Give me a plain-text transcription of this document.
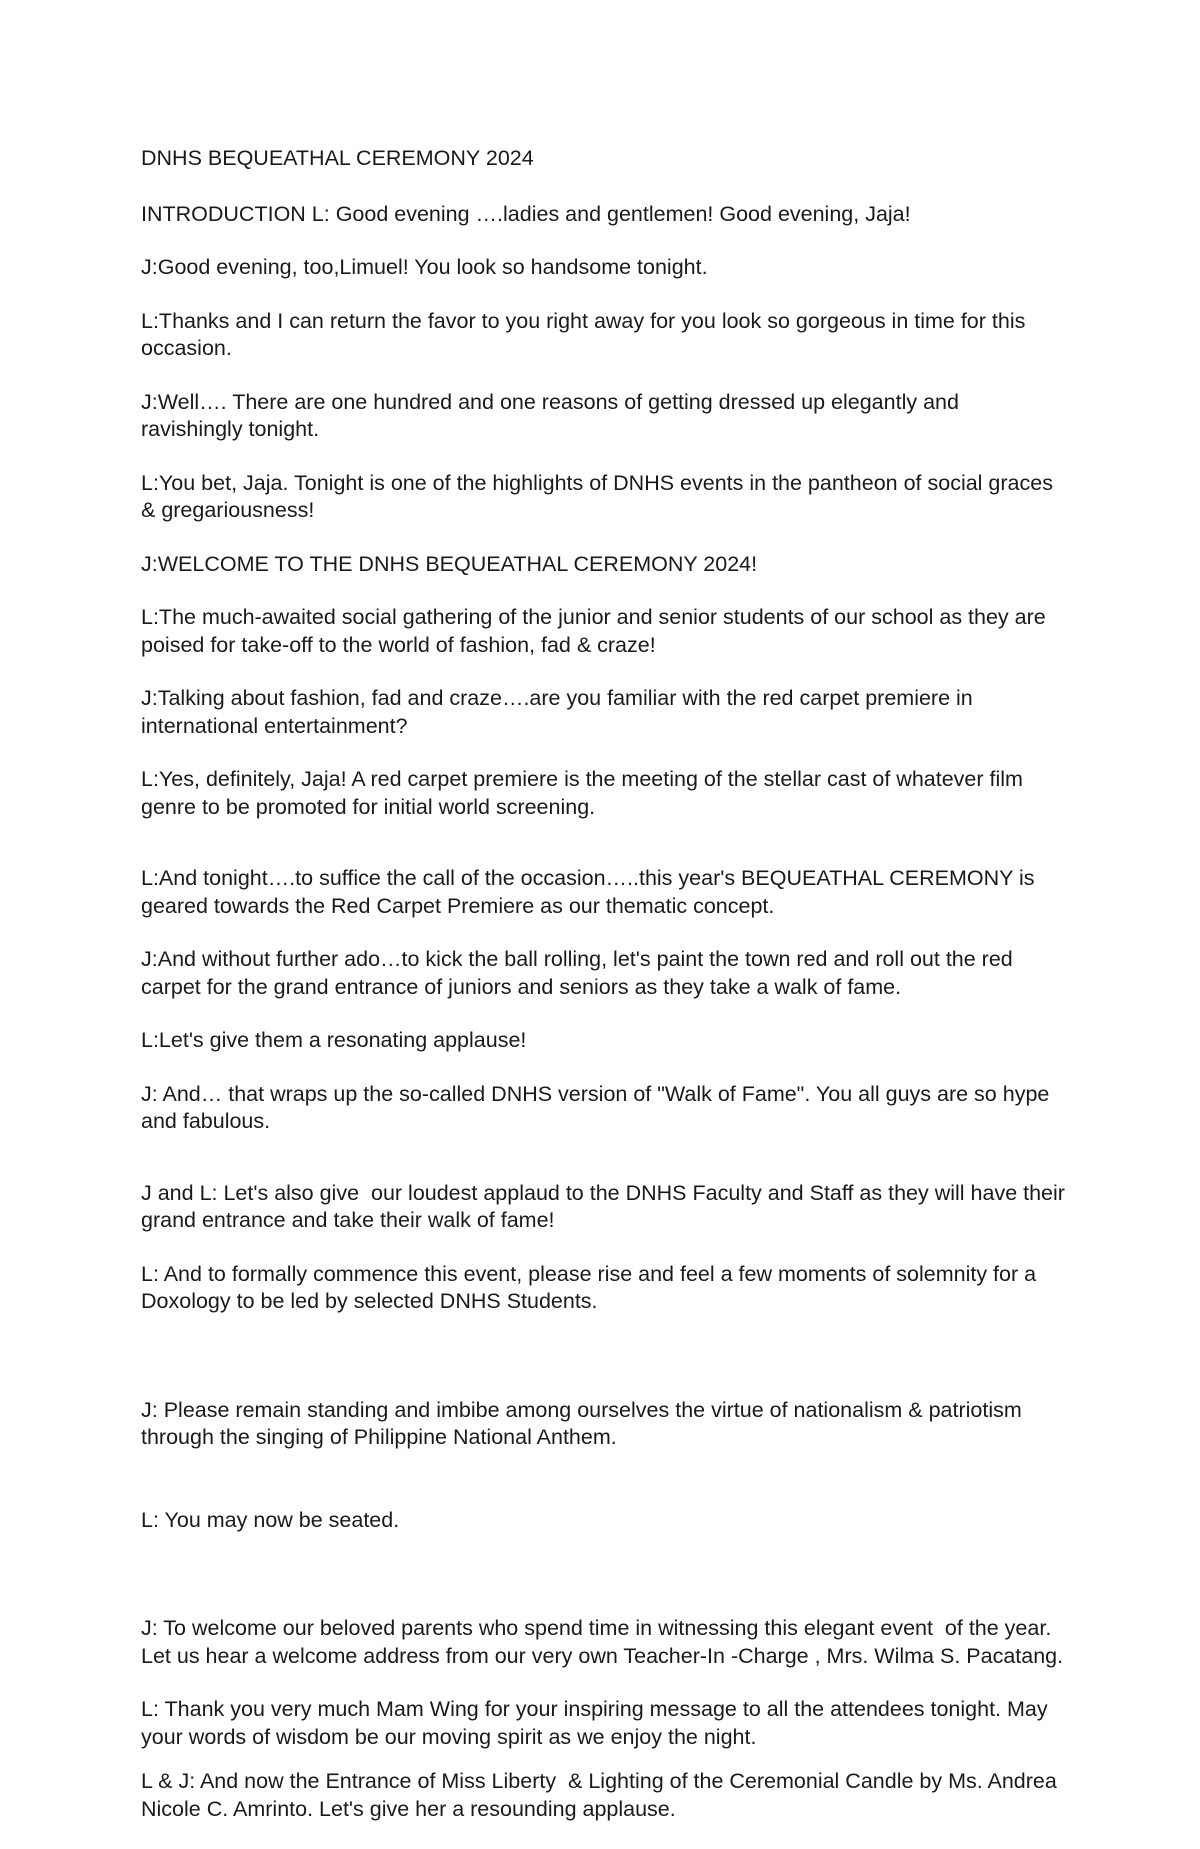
DNHS BEQUEATHAL CEREMONY 2024

INTRODUCTION L: Good evening ….ladies and gentlemen! Good evening, Jaja!

J:Good evening, too,Limuel! You look so handsome tonight.

L:Thanks and I can return the favor to you right away for you look so gorgeous in time for this occasion.

J:Well…. There are one hundred and one reasons of getting dressed up elegantly and ravishingly tonight.

L:You bet, Jaja. Tonight is one of the highlights of DNHS events in the pantheon of social graces & gregariousness!

J:WELCOME TO THE DNHS BEQUEATHAL CEREMONY 2024!

L:The much-awaited social gathering of the junior and senior students of our school as they are poised for take-off to the world of fashion, fad & craze!

J:Talking about fashion, fad and craze….are you familiar with the red carpet premiere in international entertainment?

L:Yes, definitely, Jaja! A red carpet premiere is the meeting of the stellar cast of whatever film genre to be promoted for initial world screening.

L:And tonight….to suffice the call of the occasion…..this year's BEQUEATHAL CEREMONY is geared towards the Red Carpet Premiere as our thematic concept.

J:And without further ado…to kick the ball rolling, let's paint the town red and roll out the red carpet for the grand entrance of juniors and seniors as they take a walk of fame.

L:Let's give them a resonating applause!

J: And… that wraps up the so-called DNHS version of "Walk of Fame". You all guys are so hype and fabulous.

J and L: Let's also give  our loudest applaud to the DNHS Faculty and Staff as they will have their grand entrance and take their walk of fame!

L: And to formally commence this event, please rise and feel a few moments of solemnity for a Doxology to be led by selected DNHS Students.

J: Please remain standing and imbibe among ourselves the virtue of nationalism & patriotism through the singing of Philippine National Anthem.

L: You may now be seated.

J: To welcome our beloved parents who spend time in witnessing this elegant event  of the year. Let us hear a welcome address from our very own Teacher-In -Charge , Mrs. Wilma S. Pacatang.

L: Thank you very much Mam Wing for your inspiring message to all the attendees tonight. May your words of wisdom be our moving spirit as we enjoy the night.

L & J: And now the Entrance of Miss Liberty  & Lighting of the Ceremonial Candle by Ms. Andrea Nicole C. Amrinto. Let's give her a resounding applause.
